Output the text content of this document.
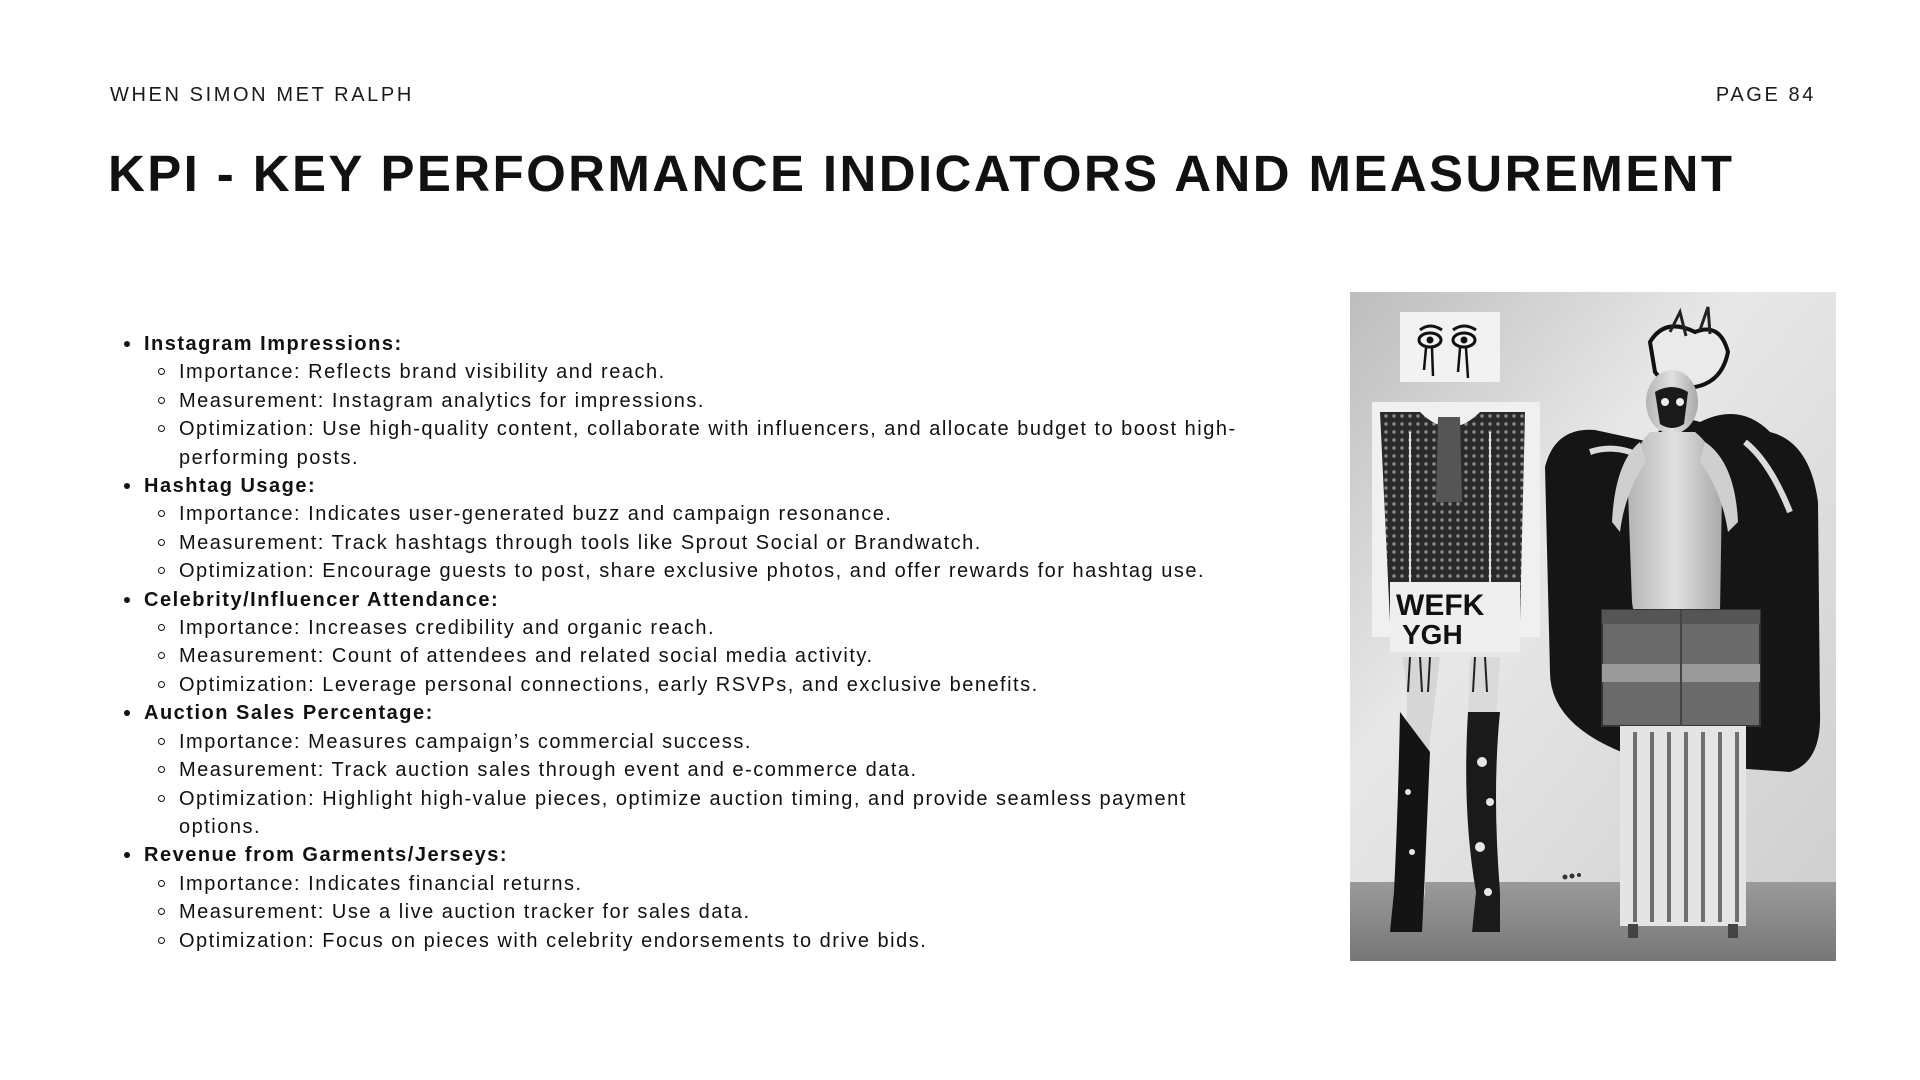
WHEN SIMON MET RALPH	PAGE 84
KPI - KEY PERFORMANCE INDICATORS AND MEASUREMENT
Instagram Impressions:
Importance: Reflects brand visibility and reach.
Measurement: Instagram analytics for impressions.
Optimization: Use high-quality content, collaborate with influencers, and allocate budget to boost high-performing posts.
Hashtag Usage:
Importance: Indicates user-generated buzz and campaign resonance.
Measurement: Track hashtags through tools like Sprout Social or Brandwatch.
Optimization: Encourage guests to post, share exclusive photos, and offer rewards for hashtag use.
Celebrity/Influencer Attendance:
Importance: Increases credibility and organic reach.
Measurement: Count of attendees and related social media activity.
Optimization: Leverage personal connections, early RSVPs, and exclusive benefits.
Auction Sales Percentage:
Importance: Measures campaign’s commercial success.
Measurement: Track auction sales through event and e-commerce data.
Optimization: Highlight high-value pieces, optimize auction timing, and provide seamless payment options.
Revenue from Garments/Jerseys:
Importance: Indicates financial returns.
Measurement: Use a live auction tracker for sales data.
Optimization: Focus on pieces with celebrity endorsements to drive bids.
WEFK
YGH
